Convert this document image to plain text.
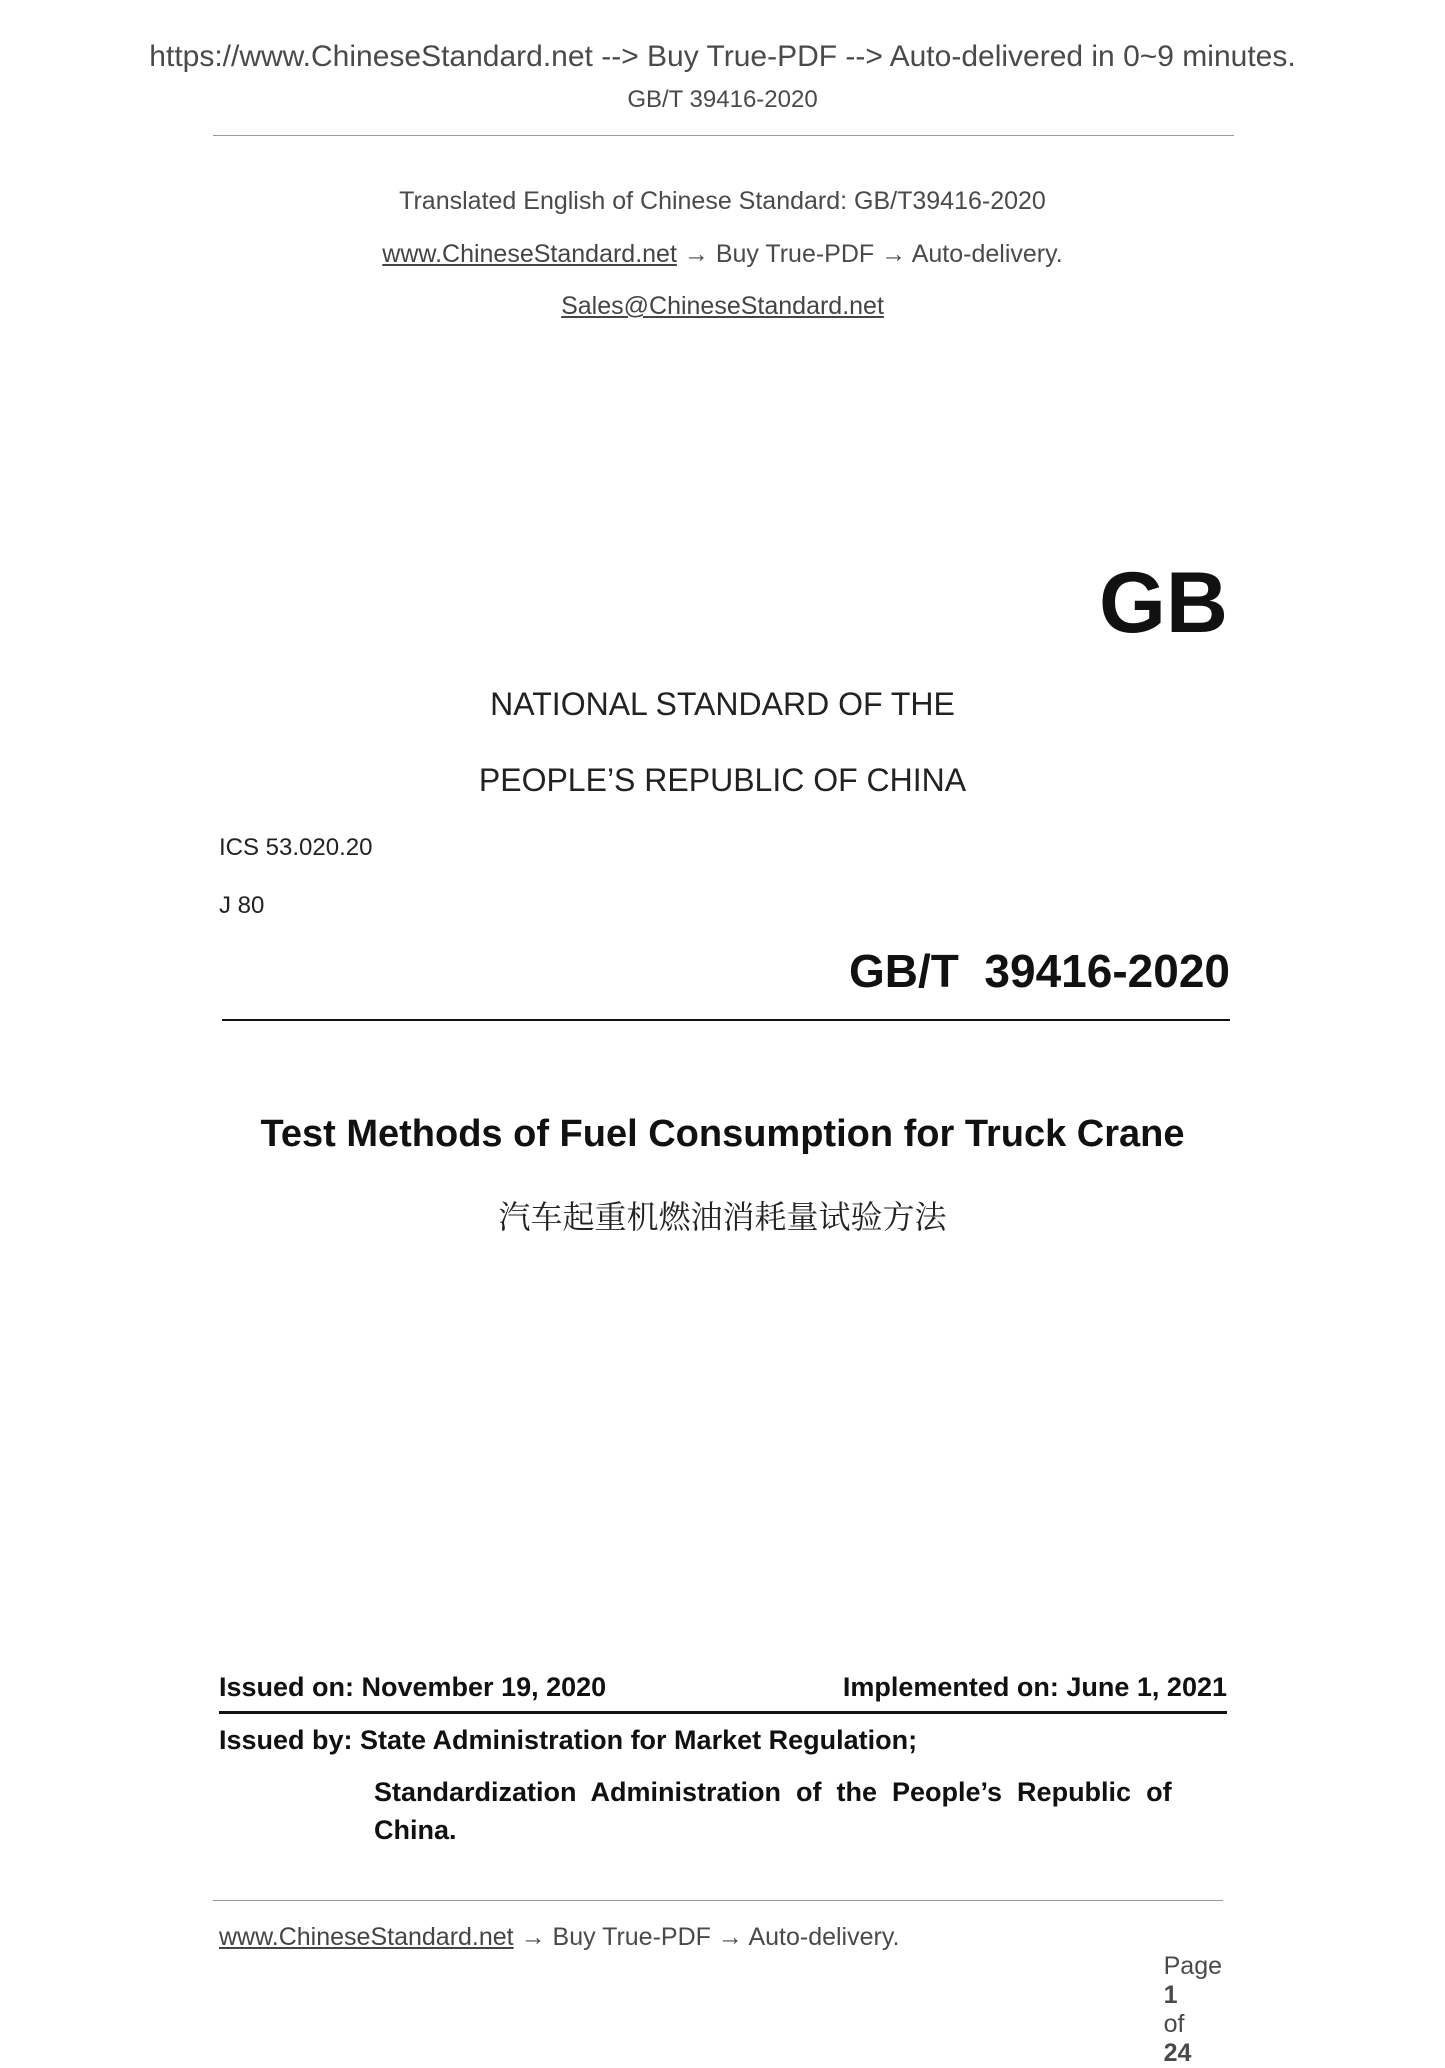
https://www.ChineseStandard.net --> Buy True-PDF --> Auto-delivered in 0~9 minutes.
GB/T 39416-2020
Translated English of Chinese Standard: GB/T39416-2020
www.ChineseStandard.net → Buy True-PDF → Auto-delivery.
Sales@ChineseStandard.net
GB
NATIONAL STANDARD OF THE
PEOPLE’S REPUBLIC OF CHINA
ICS 53.020.20
J 80
GB/T  39416-2020
Test Methods of Fuel Consumption for Truck Crane
汽车起重机燃油消耗量试验方法
Issued on: November 19, 2020	Implemented on: June 1, 2021
Issued by: State Administration for Market Regulation;
Standardization  Administration  of  the  People’s  Republic  of
China.
www.ChineseStandard.net → Buy True-PDF → Auto-delivery.

Page
1
of
24
